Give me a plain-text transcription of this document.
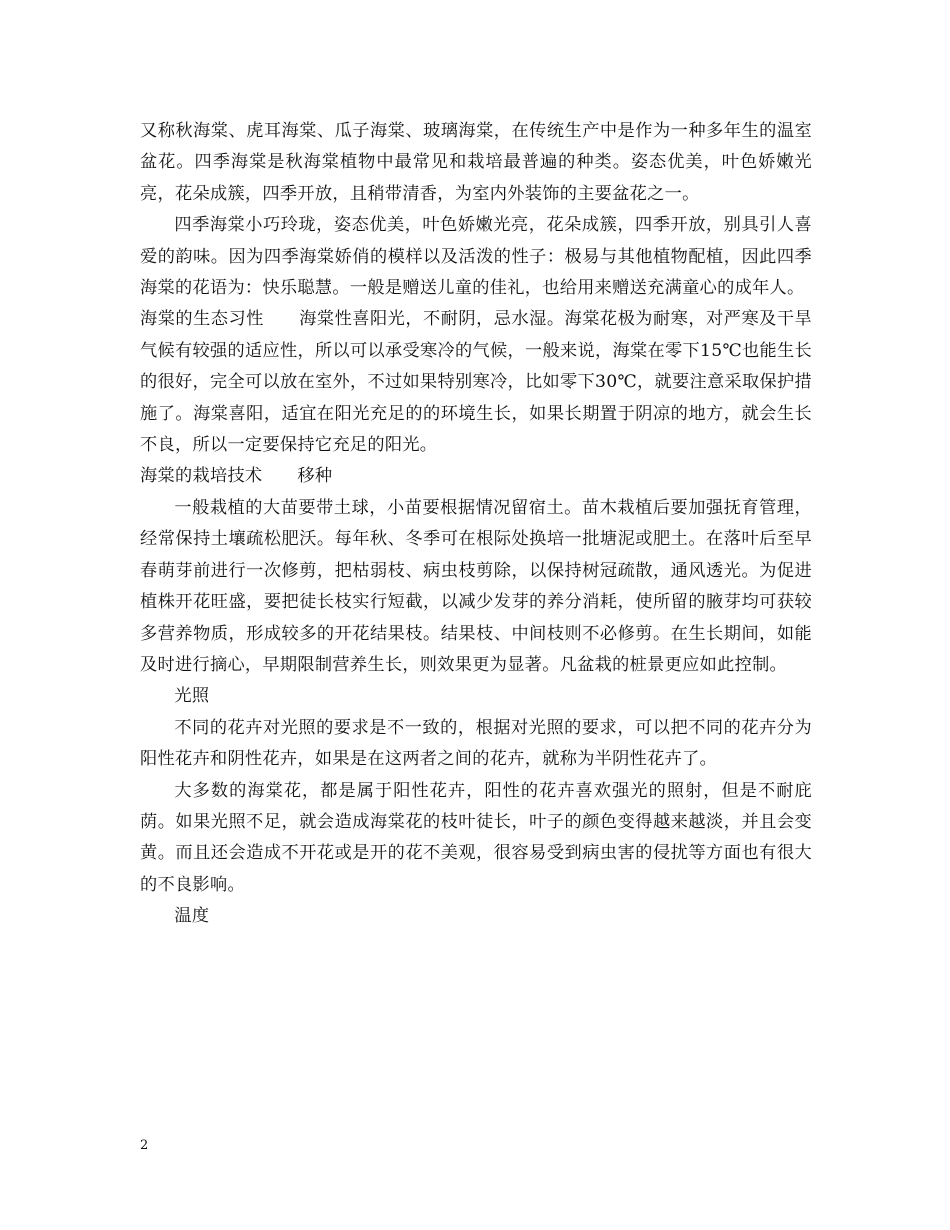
又称秋海棠、虎耳海棠、瓜子海棠、玻璃海棠，在传统生产中是作为一种多年生的温室盆花。四季海棠是秋海棠植物中最常见和栽培最普遍的种类。姿态优美，叶色娇嫩光亮，花朵成簇，四季开放，且稍带清香，为室内外装饰的主要盆花之一。

四季海棠小巧玲珑，姿态优美，叶色娇嫩光亮，花朵成簇，四季开放，别具引人喜爱的韵味。因为四季海棠娇俏的模样以及活泼的性子：极易与其他植物配植，因此四季海棠的花语为：快乐聪慧。一般是赠送儿童的佳礼，也给用来赠送充满童心的成年人。

海棠的生态习性　　海棠性喜阳光，不耐阴，忌水湿。海棠花极为耐寒，对严寒及干旱气候有较强的适应性，所以可以承受寒冷的气候，一般来说，海棠在零下15℃也能生长的很好，完全可以放在室外，不过如果特别寒冷，比如零下30℃，就要注意采取保护措施了。海棠喜阳，适宜在阳光充足的的环境生长，如果长期置于阴凉的地方，就会生长不良，所以一定要保持它充足的阳光。

海棠的栽培技术　　移种

一般栽植的大苗要带土球，小苗要根据情况留宿土。苗木栽植后要加强抚育管理，经常保持土壤疏松肥沃。每年秋、冬季可在根际处换培一批塘泥或肥土。在落叶后至早春萌芽前进行一次修剪，把枯弱枝、病虫枝剪除，以保持树冠疏散，通风透光。为促进植株开花旺盛，要把徒长枝实行短截，以减少发芽的养分消耗，使所留的腋芽均可获较多营养物质，形成较多的开花结果枝。结果枝、中间枝则不必修剪。在生长期间，如能及时进行摘心，早期限制营养生长，则效果更为显著。凡盆栽的桩景更应如此控制。

光照

不同的花卉对光照的要求是不一致的，根据对光照的要求，可以把不同的花卉分为阳性花卉和阴性花卉，如果是在这两者之间的花卉，就称为半阴性花卉了。

大多数的海棠花，都是属于阳性花卉，阳性的花卉喜欢强光的照射，但是不耐庇荫。如果光照不足，就会造成海棠花的枝叶徒长，叶子的颜色变得越来越淡，并且会变黄。而且还会造成不开花或是开的花不美观，很容易受到病虫害的侵扰等方面也有很大的不良影响。

温度

2
